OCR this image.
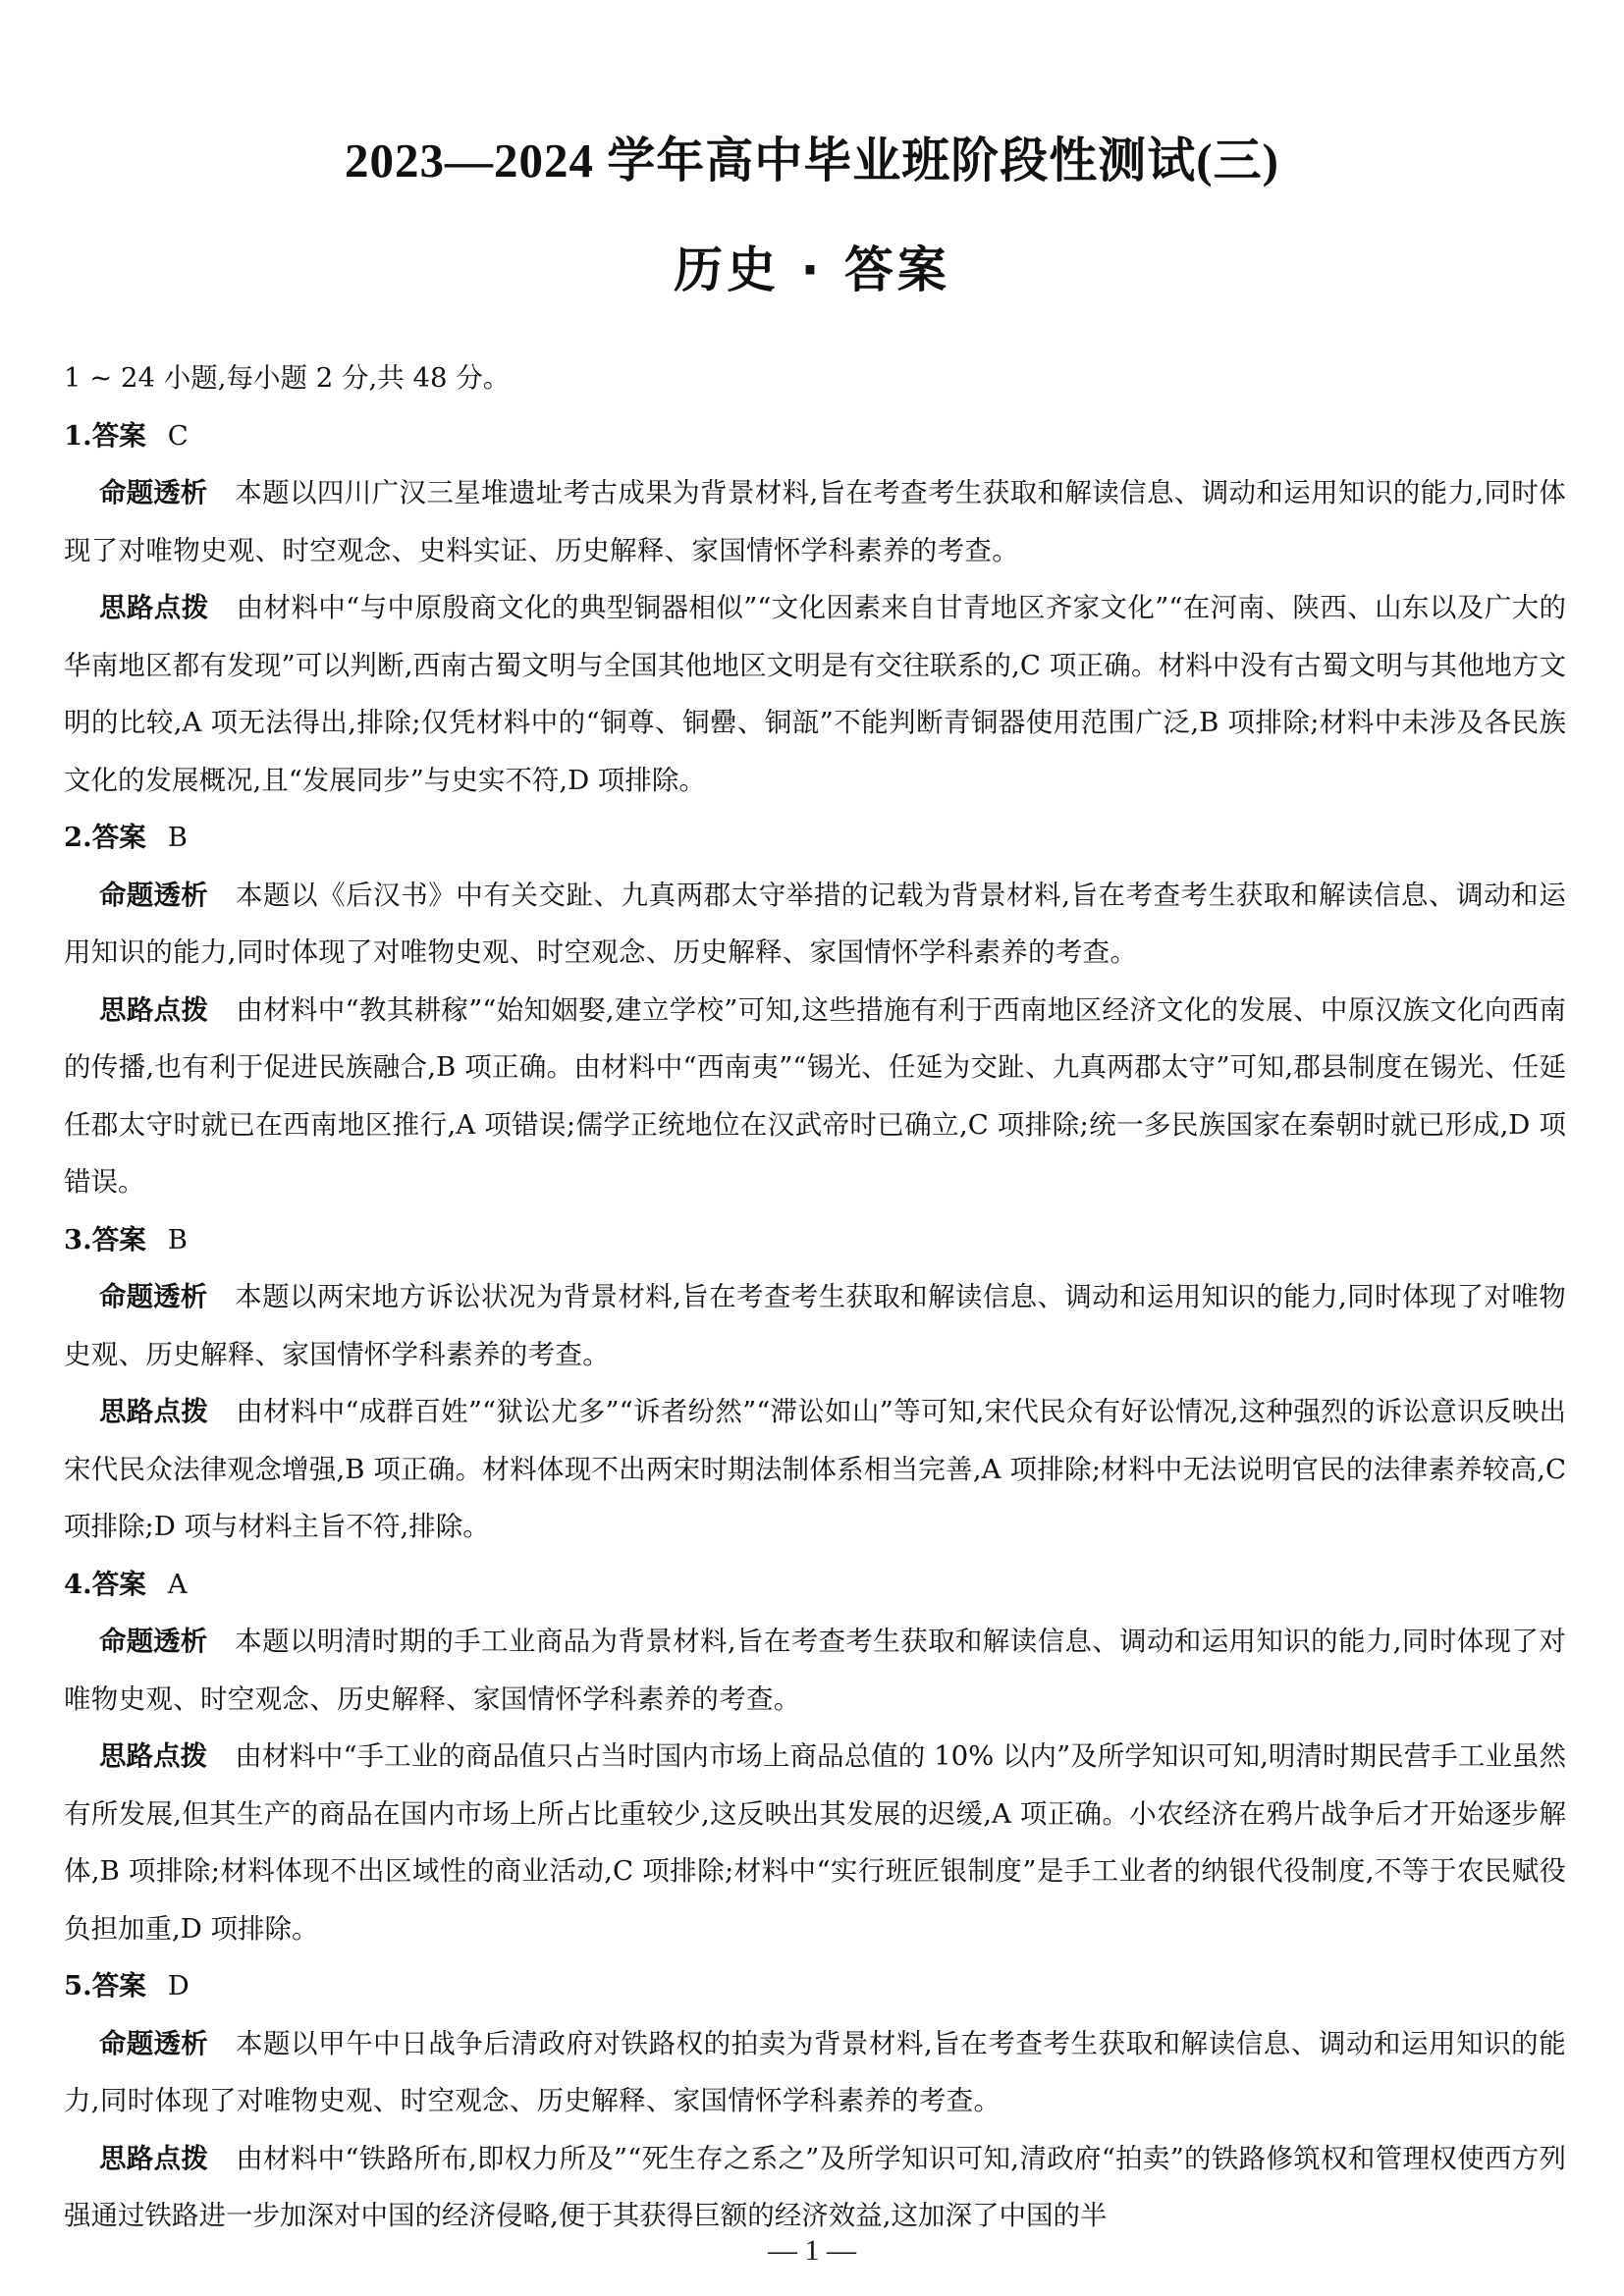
2023—2024 学年高中毕业班阶段性测试(三)
历史 · 答案

1 ~ 24 小题,每小题 2 分,共 48 分。

1.答案 C

命题透析 本题以四川广汉三星堆遗址考古成果为背景材料,旨在考查考生获取和解读信息、调动和运用知识的能力,同时体现了对唯物史观、时空观念、史料实证、历史解释、家国情怀学科素养的考查。

思路点拨 由材料中“与中原殷商文化的典型铜器相似”“文化因素来自甘青地区齐家文化”“在河南、陕西、山东以及广大的华南地区都有发现”可以判断,西南古蜀文明与全国其他地区文明是有交往联系的,C 项正确。材料中没有古蜀文明与其他地方文明的比较,A 项无法得出,排除;仅凭材料中的“铜尊、铜罍、铜瓿”不能判断青铜器使用范围广泛,B 项排除;材料中未涉及各民族文化的发展概况,且“发展同步”与史实不符,D 项排除。

2.答案 B

命题透析 本题以《后汉书》中有关交趾、九真两郡太守举措的记载为背景材料,旨在考查考生获取和解读信息、调动和运用知识的能力,同时体现了对唯物史观、时空观念、历史解释、家国情怀学科素养的考查。

思路点拨 由材料中“教其耕稼”“始知姻娶,建立学校”可知,这些措施有利于西南地区经济文化的发展、中原汉族文化向西南的传播,也有利于促进民族融合,B 项正确。由材料中“西南夷”“锡光、任延为交趾、九真两郡太守”可知,郡县制度在锡光、任延任郡太守时就已在西南地区推行,A 项错误;儒学正统地位在汉武帝时已确立,C 项排除;统一多民族国家在秦朝时就已形成,D 项错误。

3.答案 B

命题透析 本题以两宋地方诉讼状况为背景材料,旨在考查考生获取和解读信息、调动和运用知识的能力,同时体现了对唯物史观、历史解释、家国情怀学科素养的考查。

思路点拨 由材料中“成群百姓”“狱讼尤多”“诉者纷然”“滞讼如山”等可知,宋代民众有好讼情况,这种强烈的诉讼意识反映出宋代民众法律观念增强,B 项正确。材料体现不出两宋时期法制体系相当完善,A 项排除;材料中无法说明官民的法律素养较高,C 项排除;D 项与材料主旨不符,排除。

4.答案 A

命题透析 本题以明清时期的手工业商品为背景材料,旨在考查考生获取和解读信息、调动和运用知识的能力,同时体现了对唯物史观、时空观念、历史解释、家国情怀学科素养的考查。

思路点拨 由材料中“手工业的商品值只占当时国内市场上商品总值的 10% 以内”及所学知识可知,明清时期民营手工业虽然有所发展,但其生产的商品在国内市场上所占比重较少,这反映出其发展的迟缓,A 项正确。小农经济在鸦片战争后才开始逐步解体,B 项排除;材料体现不出区域性的商业活动,C 项排除;材料中“实行班匠银制度”是手工业者的纳银代役制度,不等于农民赋役负担加重,D 项排除。

5.答案 D

命题透析 本题以甲午中日战争后清政府对铁路权的拍卖为背景材料,旨在考查考生获取和解读信息、调动和运用知识的能力,同时体现了对唯物史观、时空观念、历史解释、家国情怀学科素养的考查。

思路点拨 由材料中“铁路所布,即权力所及”“死生存之系之”及所学知识可知,清政府“拍卖”的铁路修筑权和管理权使西方列强通过铁路进一步加深对中国的经济侵略,便于其获得巨额的经济效益,这加深了中国的半

— 1 —
